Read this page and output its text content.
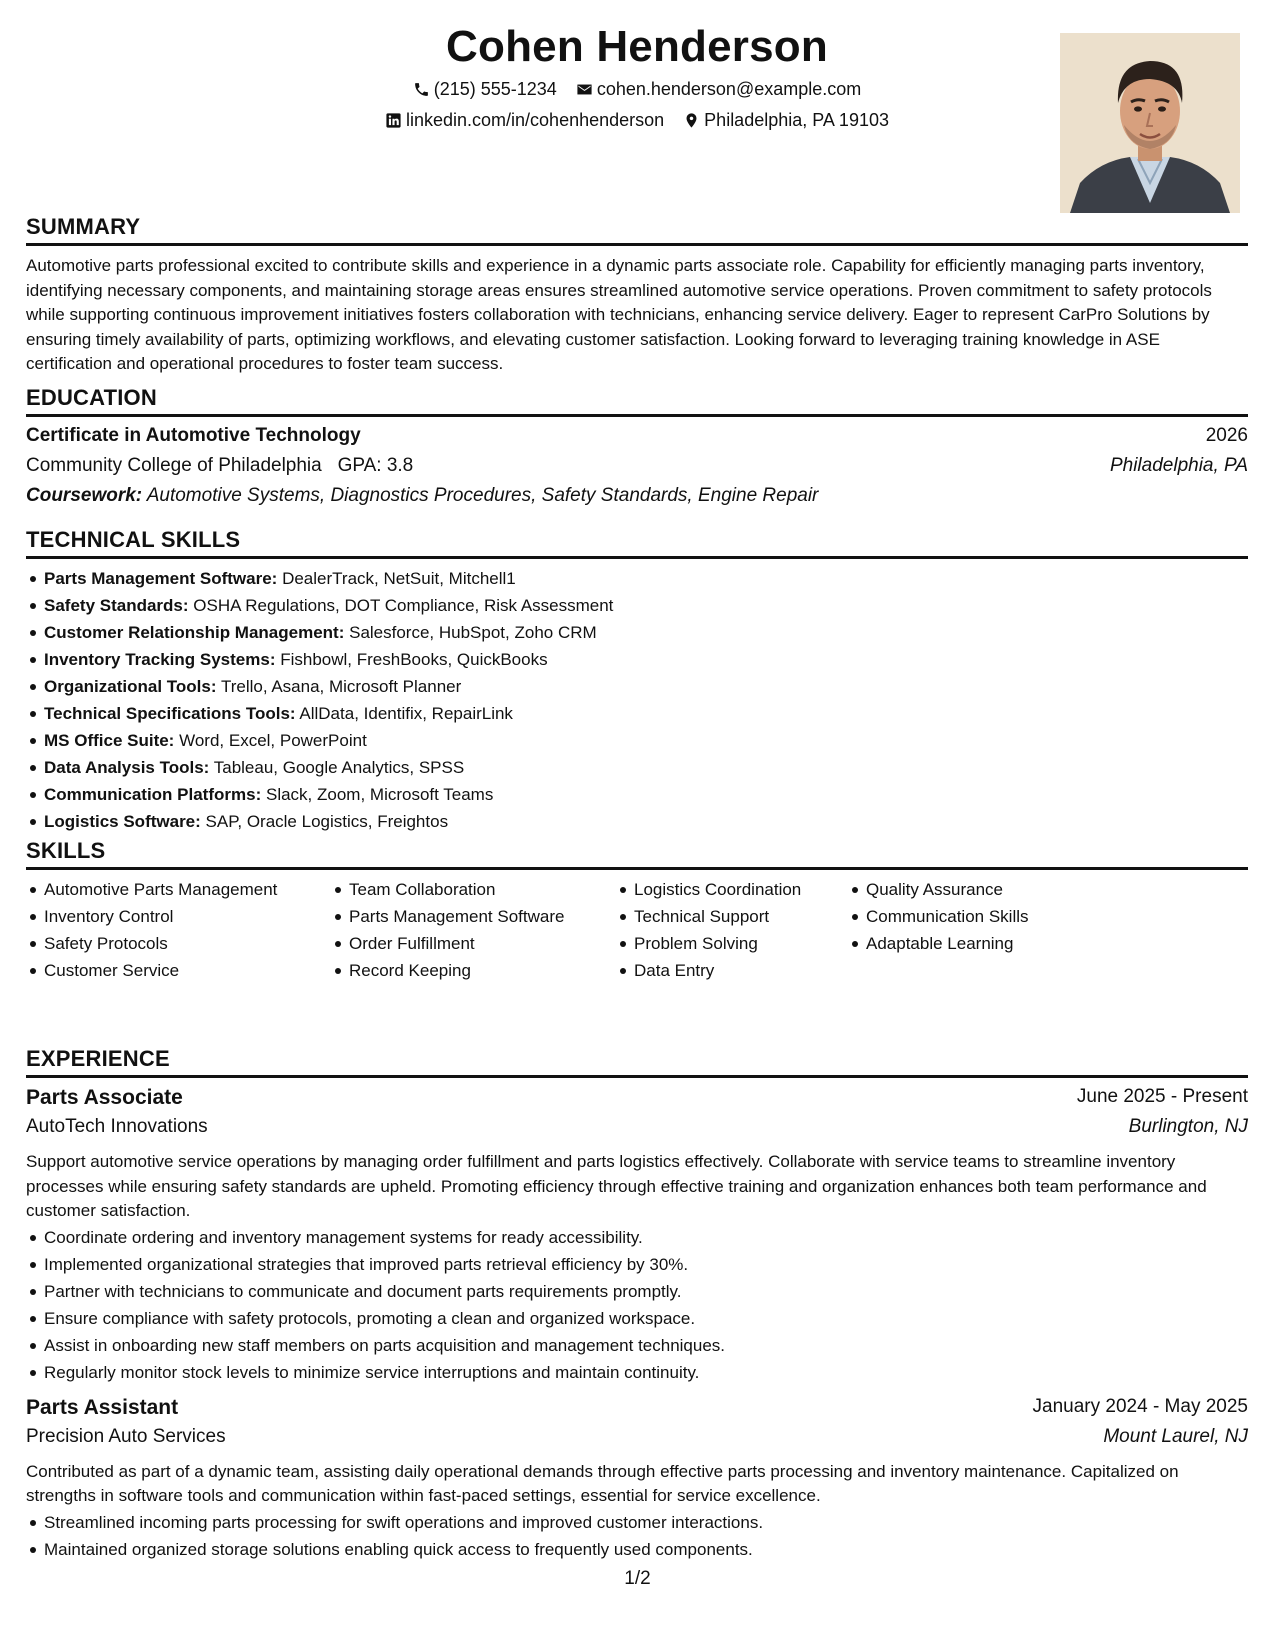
Cohen Henderson
(215) 555-1234
cohen.henderson@example.com
linkedin.com/in/cohenhenderson
Philadelphia, PA 19103
SUMMARY
Automotive parts professional excited to contribute skills and experience in a dynamic parts associate role. Capability for efficiently managing parts inventory, identifying necessary components, and maintaining storage areas ensures streamlined automotive service operations. Proven commitment to safety protocols while supporting continuous improvement initiatives fosters collaboration with technicians, enhancing service delivery. Eager to represent CarPro Solutions by ensuring timely availability of parts, optimizing workflows, and elevating customer satisfaction. Looking forward to leveraging training knowledge in ASE certification and operational procedures to foster team success.
EDUCATION
Certificate in Automotive Technology	2026
Community College of Philadelphia GPA: 3.8	Philadelphia, PA
Coursework: Automotive Systems, Diagnostics Procedures, Safety Standards, Engine Repair
TECHNICAL SKILLS
Parts Management Software: DealerTrack, NetSuit, Mitchell1
Safety Standards: OSHA Regulations, DOT Compliance, Risk Assessment
Customer Relationship Management: Salesforce, HubSpot, Zoho CRM
Inventory Tracking Systems: Fishbowl, FreshBooks, QuickBooks
Organizational Tools: Trello, Asana, Microsoft Planner
Technical Specifications Tools: AllData, Identifix, RepairLink
MS Office Suite: Word, Excel, PowerPoint
Data Analysis Tools: Tableau, Google Analytics, SPSS
Communication Platforms: Slack, Zoom, Microsoft Teams
Logistics Software: SAP, Oracle Logistics, Freightos
SKILLS
Automotive Parts Management
Inventory Control
Safety Protocols
Customer Service
Team Collaboration
Parts Management Software
Order Fulfillment
Record Keeping
Logistics Coordination
Technical Support
Problem Solving
Data Entry
Quality Assurance
Communication Skills
Adaptable Learning
EXPERIENCE
Parts Associate	June 2025 - Present
AutoTech Innovations	Burlington, NJ
Support automotive service operations by managing order fulfillment and parts logistics effectively. Collaborate with service teams to streamline inventory processes while ensuring safety standards are upheld. Promoting efficiency through effective training and organization enhances both team performance and customer satisfaction.
Coordinate ordering and inventory management systems for ready accessibility.
Implemented organizational strategies that improved parts retrieval efficiency by 30%.
Partner with technicians to communicate and document parts requirements promptly.
Ensure compliance with safety protocols, promoting a clean and organized workspace.
Assist in onboarding new staff members on parts acquisition and management techniques.
Regularly monitor stock levels to minimize service interruptions and maintain continuity.
Parts Assistant	January 2024 - May 2025
Precision Auto Services	Mount Laurel, NJ
Contributed as part of a dynamic team, assisting daily operational demands through effective parts processing and inventory maintenance. Capitalized on strengths in software tools and communication within fast-paced settings, essential for service excellence.
Streamlined incoming parts processing for swift operations and improved customer interactions.
Maintained organized storage solutions enabling quick access to frequently used components.
1/2
